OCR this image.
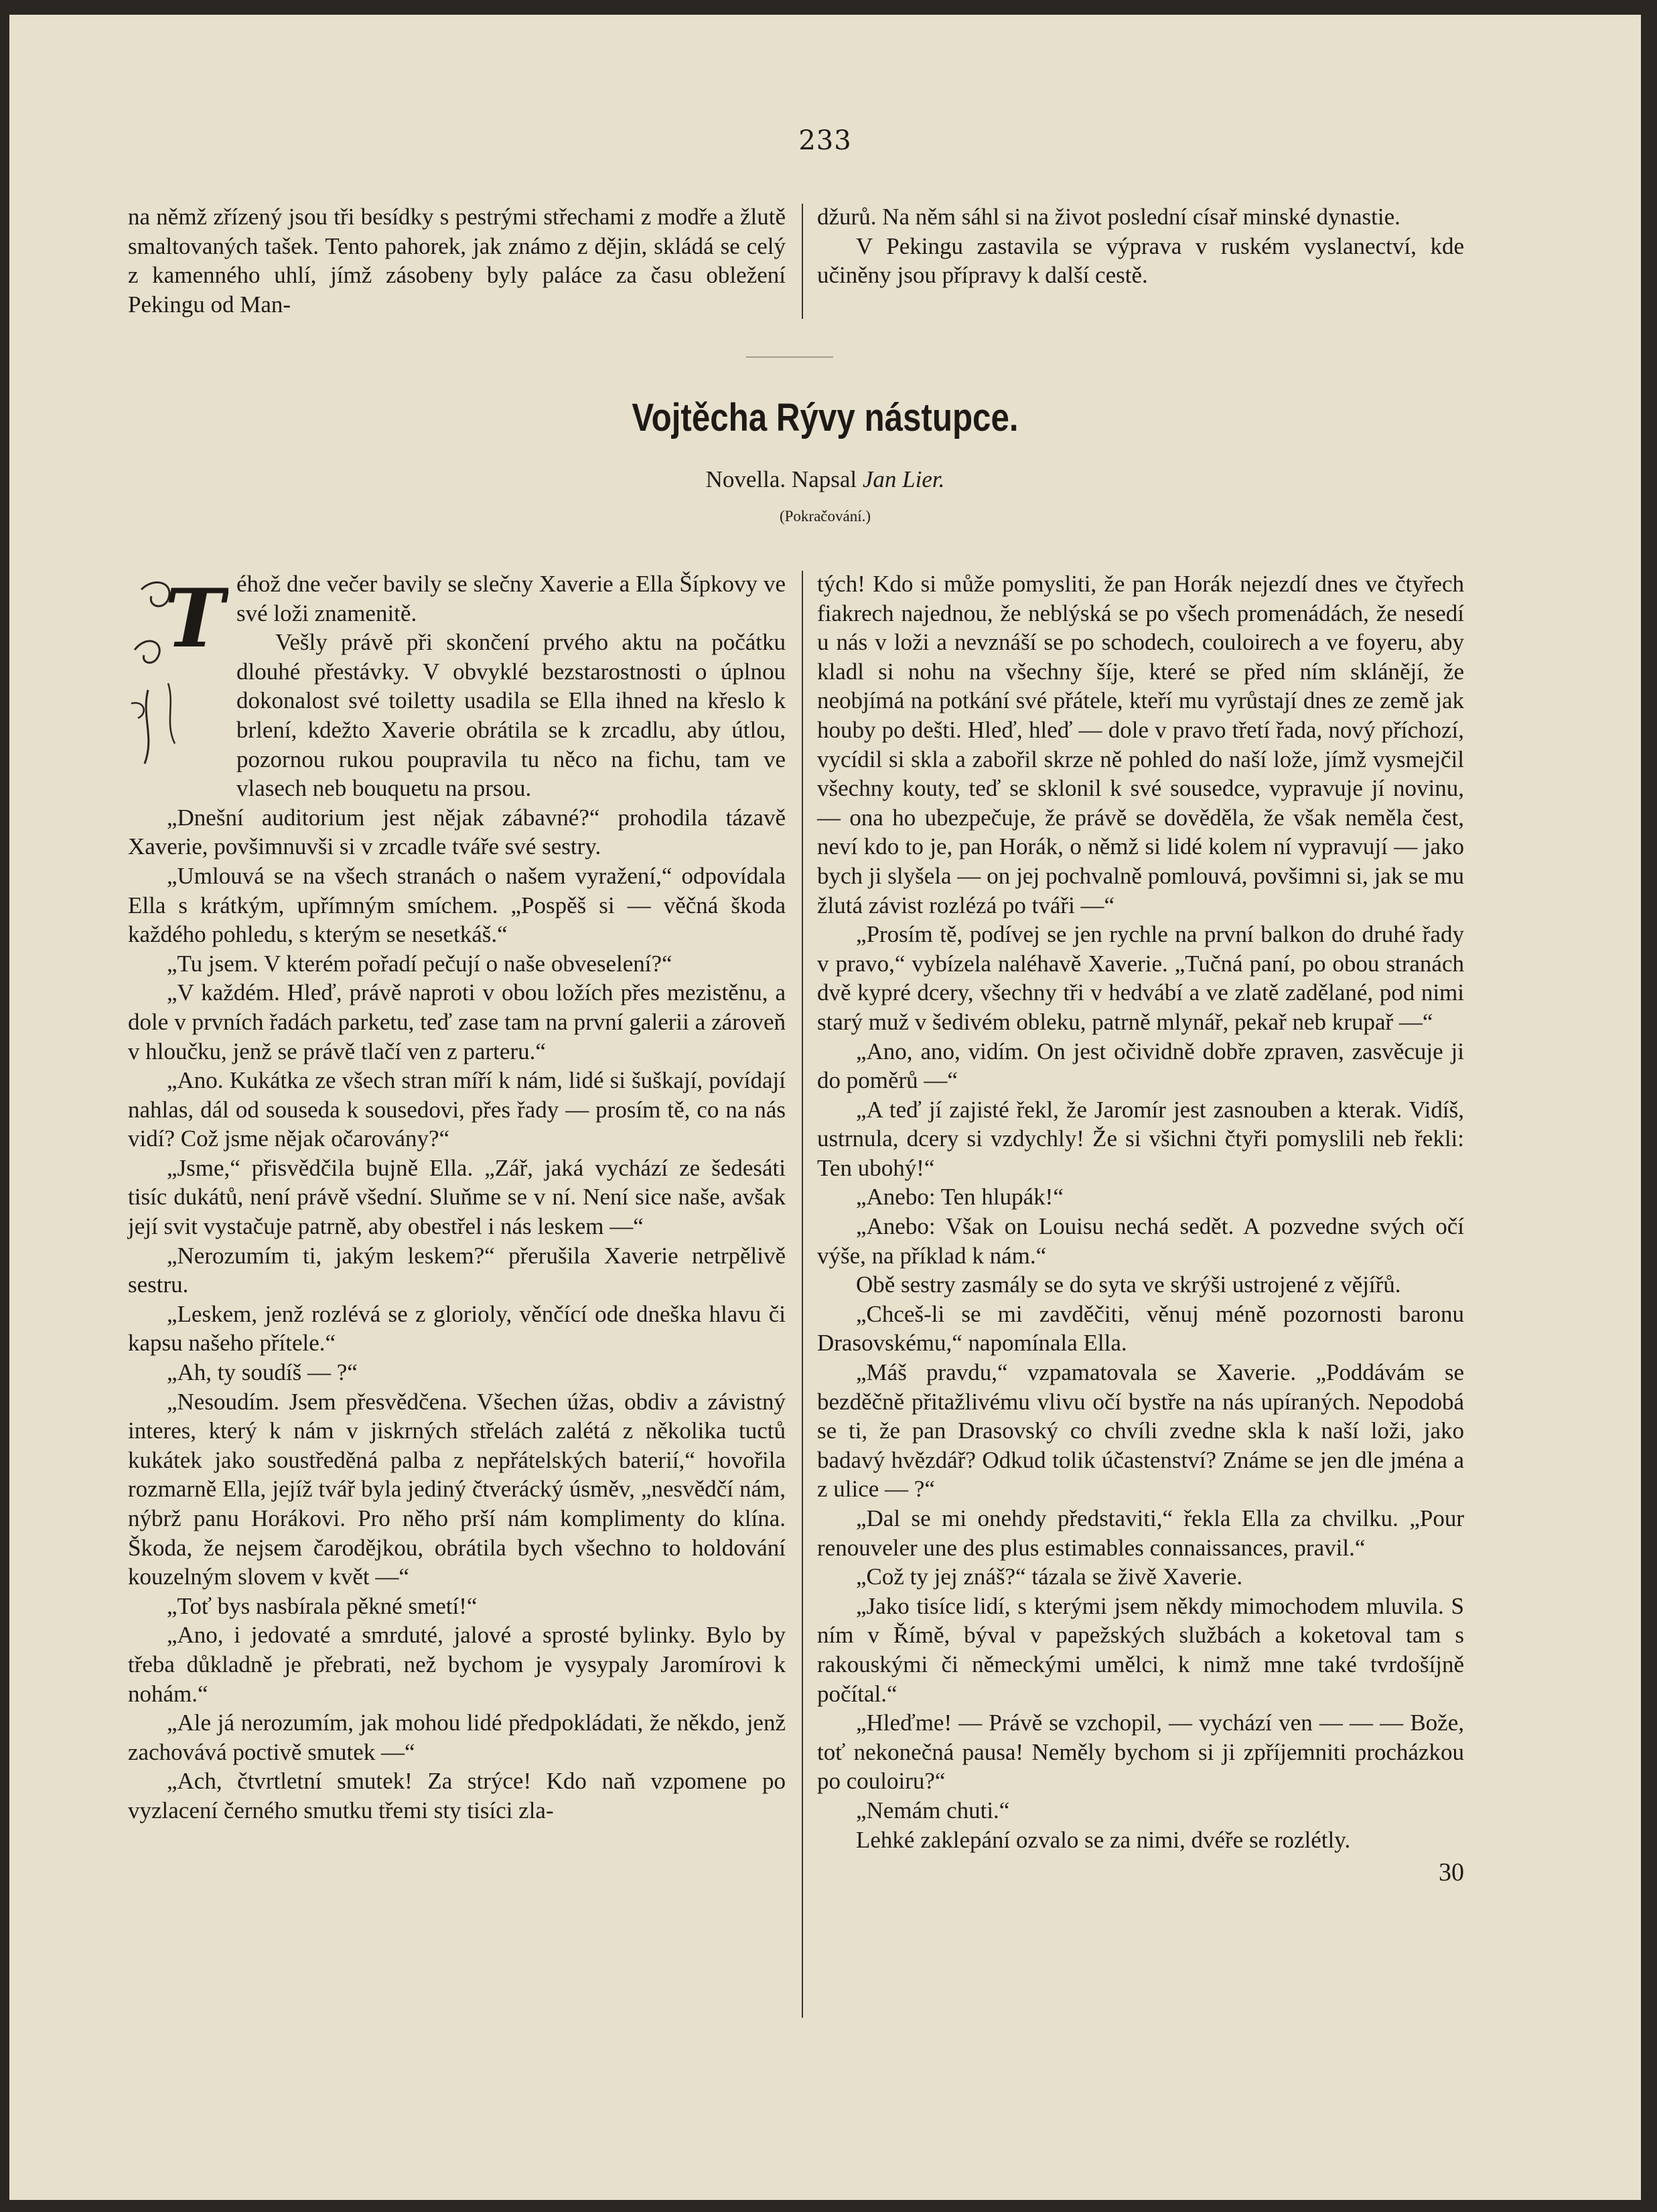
233

na němž zřízený jsou tři besídky s pestrými střechami z modře a žlutě smaltovaných tašek. Tento pahorek, jak známo z dějin, skládá se celý z kamenného uhlí, jímž zásobeny byly paláce za času obležení Pekingu od Man-

džurů. Na něm sáhl si na život poslední císař minské dynastie.

V Pekingu zastavila se výprava v ruském vyslanectví, kde učiněny jsou přípravy k další cestě.

Vojtěcha Rývy nástupce.
Novella. Napsal Jan Lier.
(Pokračování.)
T éhož dne večer bavily se slečny Xaverie a Ella Šípkovy ve své loži znamenitě.

Vešly právě při skončení prvého aktu na počátku dlouhé přestávky. V obvyklé bezstarostnosti o úplnou dokonalost své toiletty usadila se Ella ihned na křeslo k brlení, kdežto Xaverie obrátila se k zrcadlu, aby útlou, pozornou rukou poupravila tu něco na fichu, tam ve vlasech neb bouquetu na prsou.

„Dnešní auditorium jest nějak zábavné?“ prohodila tázavě Xaverie, povšimnuvši si v zrcadle tváře své sestry.

„Umlouvá se na všech stranách o našem vyražení,“ odpovídala Ella s krátkým, upřímným smíchem. „Pospěš si — věčná škoda každého pohledu, s kterým se nesetkáš.“

„Tu jsem. V kterém pořadí pečují o naše obveselení?“

„V každém. Hleď, právě naproti v obou ložích přes mezistěnu, a dole v prvních řadách parketu, teď zase tam na první galerii a zároveň v hloučku, jenž se právě tlačí ven z parteru.“

„Ano. Kukátka ze všech stran míří k nám, lidé si šuškají, povídají nahlas, dál od souseda k sousedovi, přes řady — prosím tě, co na nás vidí? Což jsme nějak očarovány?“

„Jsme,“ přisvědčila bujně Ella. „Zář, jaká vychází ze šedesáti tisíc dukátů, není právě všední. Sluňme se v ní. Není sice naše, avšak její svit vystačuje patrně, aby obestřel i nás leskem —“

„Nerozumím ti, jakým leskem?“ přerušila Xaverie netrpělivě sestru.

„Leskem, jenž rozlévá se z glorioly, věnčící ode dneška hlavu či kapsu našeho přítele.“

„Ah, ty soudíš — ?“

„Nesoudím. Jsem přesvědčena. Všechen úžas, obdiv a závistný interes, který k nám v jiskrných střelách zalétá z několika tuctů kukátek jako soustředěná palba z nepřátelských baterií,“ hovořila rozmarně Ella, jejíž tvář byla jediný čtverácký úsměv, „nesvědčí nám, nýbrž panu Horákovi. Pro něho prší nám komplimenty do klína. Škoda, že nejsem čarodějkou, obrátila bych všechno to holdování kouzelným slovem v květ —“

„Toť bys nasbírala pěkné smetí!“

„Ano, i jedovaté a smrduté, jalové a sprosté bylinky. Bylo by třeba důkladně je přebrati, než bychom je vysypaly Jaromírovi k nohám.“

„Ale já nerozumím, jak mohou lidé předpokládati, že někdo, jenž zachovává poctivě smutek —“

„Ach, čtvrtletní smutek! Za strýce! Kdo naň vzpomene po vyzlacení černého smutku třemi sty tisíci zla-

tých! Kdo si může pomysliti, že pan Horák nejezdí dnes ve čtyřech fiakrech najednou, že neblýská se po všech promenádách, že nesedí u nás v loži a nevznáší se po schodech, couloirech a ve foyeru, aby kladl si nohu na všechny šíje, které se před ním sklánějí, že neobjímá na potkání své přátele, kteří mu vyrůstají dnes ze země jak houby po dešti. Hleď, hleď — dole v pravo třetí řada, nový příchozí, vycídil si skla a zabořil skrze ně pohled do naší lože, jímž vysmejčil všechny kouty, teď se sklonil k své sousedce, vypravuje jí novinu, — ona ho ubezpečuje, že právě se dověděla, že však neměla čest, neví kdo to je, pan Horák, o němž si lidé kolem ní vypravují — jako bych ji slyšela — on jej pochvalně pomlouvá, povšimni si, jak se mu žlutá závist rozlézá po tváři —“

„Prosím tě, podívej se jen rychle na první balkon do druhé řady v pravo,“ vybízela naléhavě Xaverie. „Tučná paní, po obou stranách dvě kypré dcery, všechny tři v hedvábí a ve zlatě zadělané, pod nimi starý muž v šedivém obleku, patrně mlynář, pekař neb krupař —“

„Ano, ano, vidím. On jest očividně dobře zpraven, zasvěcuje ji do poměrů —“

„A teď jí zajisté řekl, že Jaromír jest zasnouben a kterak. Vidíš, ustrnula, dcery si vzdychly! Že si všichni čtyři pomyslili neb řekli: Ten ubohý!“

„Anebo: Ten hlupák!“

„Anebo: Však on Louisu nechá sedět. A pozvedne svých očí výše, na příklad k nám.“

Obě sestry zasmály se do syta ve skrýši ustrojené z vějířů.

„Chceš-li se mi zavděčiti, věnuj méně pozornosti baronu Drasovskému,“ napomínala Ella.

„Máš pravdu,“ vzpamatovala se Xaverie. „Poddávám se bezděčně přitažlivému vlivu očí bystře na nás upíraných. Nepodobá se ti, že pan Drasovský co chvíli zvedne skla k naší loži, jako badavý hvězdář? Odkud tolik účastenství? Známe se jen dle jména a z ulice — ?“

„Dal se mi onehdy představiti,“ řekla Ella za chvilku. „Pour renouveler une des plus estimables connaissances, pravil.“

„Což ty jej znáš?“ tázala se živě Xaverie.

„Jako tisíce lidí, s kterými jsem někdy mimochodem mluvila. S ním v Římě, býval v papežských službách a koketoval tam s rakouskými či německými umělci, k nimž mne také tvrdošíjně počítal.“

„Hleďme! — Právě se vzchopil, — vychází ven — — — Bože, toť nekonečná pausa! Neměly bychom si ji zpříjemniti procházkou po couloiru?“

„Nemám chuti.“

Lehké zaklepání ozvalo se za nimi, dvéře se rozlétly.

30
